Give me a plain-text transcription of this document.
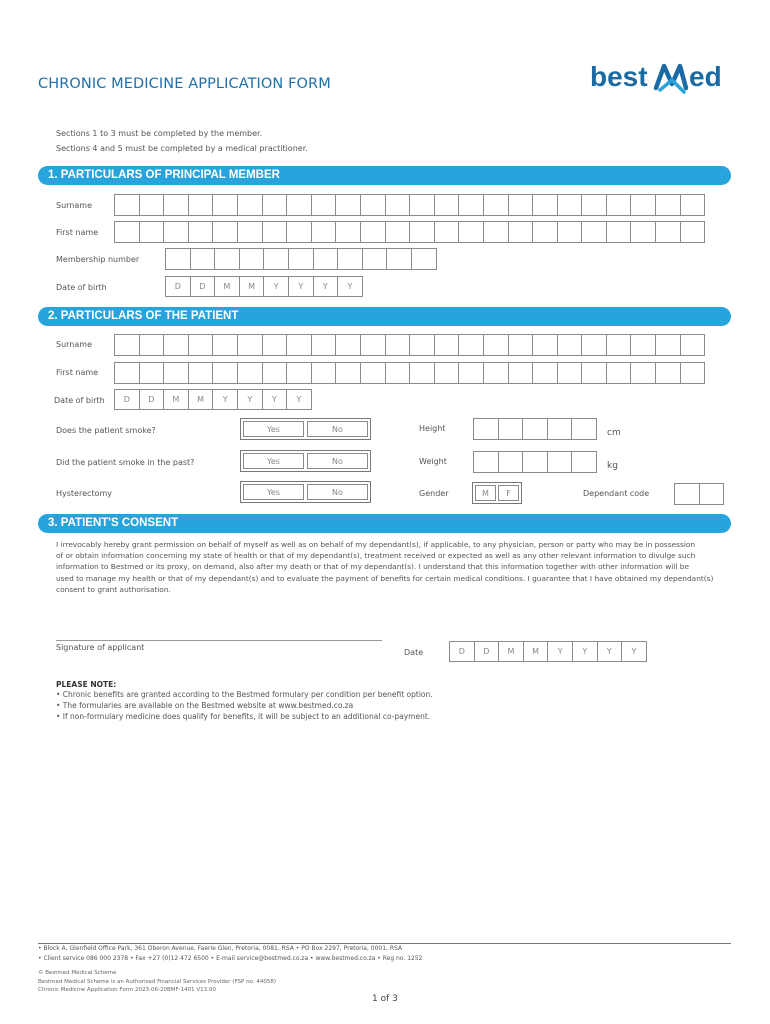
CHRONIC MEDICINE APPLICATION FORM	best ed
Sections 1 to 3 must be completed by the member.
Sections 4 and 5 must be completed by a medical practitioner.
1. PARTICULARS OF PRINCIPAL MEMBER
Surname
First name
Membership number
Date of birth	D	D	M	M	Y	Y	Y	Y
2. PARTICULARS OF THE PATIENT
Surname
First name
Date of birth	D	D	M	M	Y	Y	Y	Y
Does the patient smoke?	Yes	No
Did the patient smoke in the past?	Yes	No
Hysterectomy	Yes	No
Height	cm
Weight	kg
Gender	M	F	Dependant code
3. PATIENT'S CONSENT
I irrevocably hereby grant permission on behalf of myself as well as on behalf of my dependant(s), if applicable, to any physician, person or party who may be in possession
of or obtain information concerning my state of health or that of my dependant(s), treatment received or expected as well as any other relevant information to divulge such
information to Bestmed or its proxy, on demand, also after my death or that of my dependant(s). I understand that this information together with other information will be
used to manage my health or that of my dependant(s) and to evaluate the payment of benefits for certain medical conditions. I guarantee that I have obtained my dependant(s)
consent to grant authorisation.
Signature of applicant
Date	D	D	M	M	Y	Y	Y	Y
PLEASE NOTE:
• Chronic benefits are granted according to the Bestmed formulary per condition per benefit option.
• The formularies are available on the Bestmed website at www.bestmed.co.za
• If non-formulary medicine does qualify for benefits, it will be subject to an additional co-payment.
• Block A, Glenfield Office Park, 361 Oberon Avenue, Faerie Glen, Pretoria, 0081, RSA • PO Box 2297, Pretoria, 0001, RSA
• Client service 086 000 2378 • Fax +27 (0)12 472 6500 • E-mail service@bestmed.co.za • www.bestmed.co.za • Reg no. 1252
© Bestmed Medical Scheme
Bestmed Medical Scheme is an Authorised Financial Services Provider (FSP no. 44058)
Chronic Medicine Application Form 2023-06-20BMF-1401 V13.00
1 of 3
